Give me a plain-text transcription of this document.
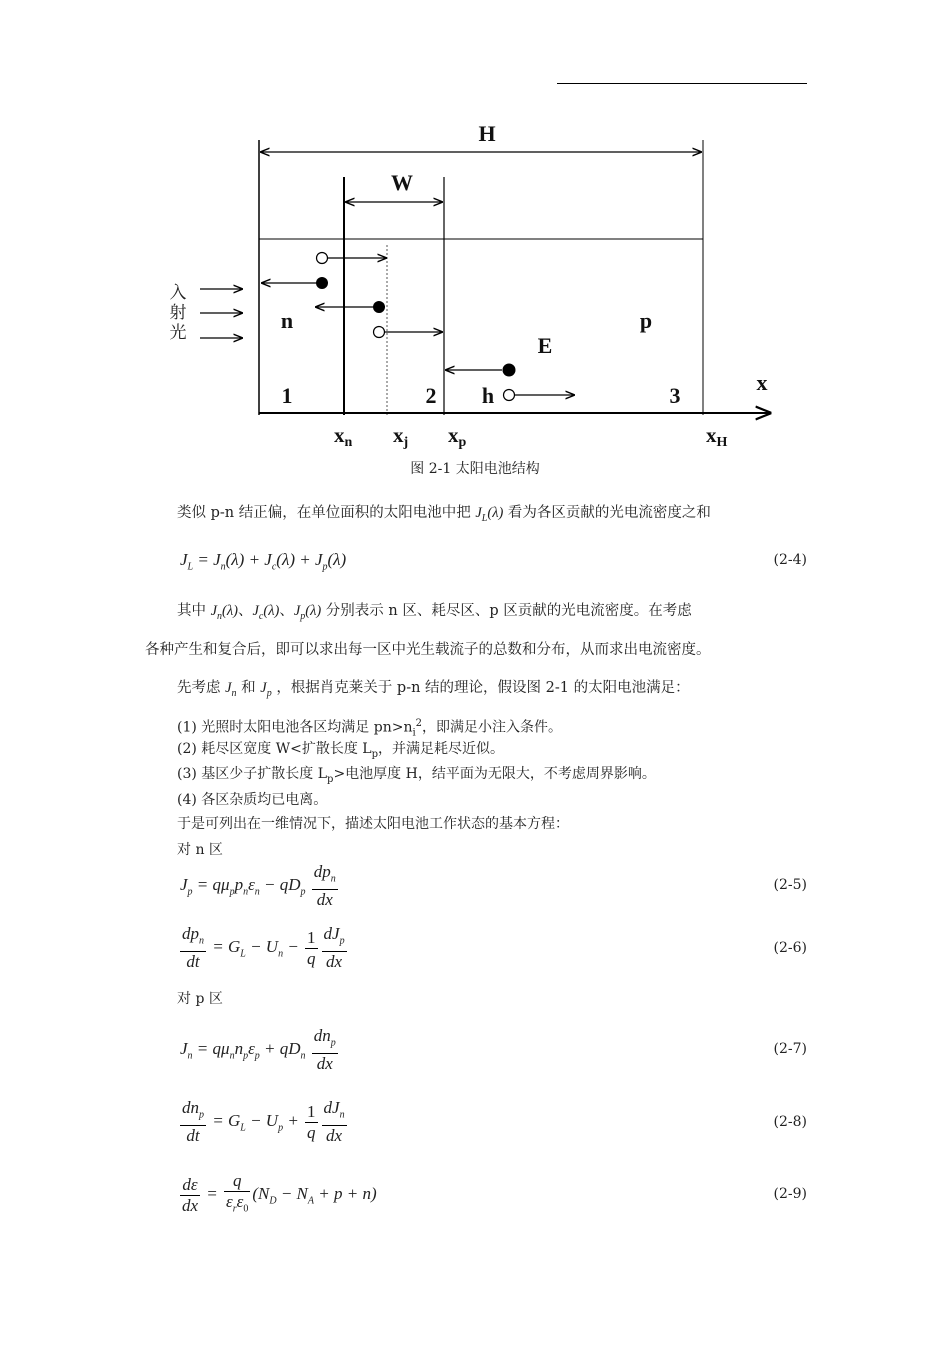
H
W
x
入
射
光	n	p
E
h
1	2	3
xn xj xp	xH
图 2-1 太阳电池结构
类似 p-n 结正偏，在单位面积的太阳电池中把 $J_L(\lambda)$ 看为各区贡献的光电流密度之和
$J_L = J_n(\lambda) + J_c(\lambda) + J_p(\lambda)$	(2-4)
其中 $J_n(\lambda)$、$J_c(\lambda)$、$J_p(\lambda)$ 分别表示 n 区、耗尽区、p 区贡献的光电流密度。在考虑
各种产生和复合后，即可以求出每一区中光生载流子的总数和分布，从而求出电流密度。
先考虑 $J_n$ 和 $J_p$ ，根据肖克莱关于 p-n 结的理论，假设图 2-1 的太阳电池满足：
(1) 光照时太阳电池各区均满足 $pn>n_i^2$，即满足小注入条件。
(2) 耗尽区宽度 W<扩散长度 $L_p$，并满足耗尽近似。
(3) 基区少子扩散长度 $L_p>$电池厚度 H，结平面为无限大，不考虑周界影响。
(4) 各区杂质均已电离。
于是可列出在一维情况下，描述太阳电池工作状态的基本方程：
对 n 区
$J_p = q\mu_pp_n\varepsilon_n - qD_p \frac{dp_n}{dx}$	(2-5)
$\frac{dp_n}{dt} = G_L - U_n - \frac{1}{q} \frac{dJ_p}{dx}$	(2-6)
对 p 区
$J_n = q\mu_nn_p\varepsilon_p + qD_n \frac{dn_p}{dx}$	(2-7)
$\frac{dn_p}{dt} = G_L - U_p + \frac{1}{q} \frac{dJ_n}{dx}$	(2-8)
$\frac{d\varepsilon}{dx} = \frac{q}{\varepsilon_r\varepsilon_0} (N_D - N_A + p + n)$	(2-9)
